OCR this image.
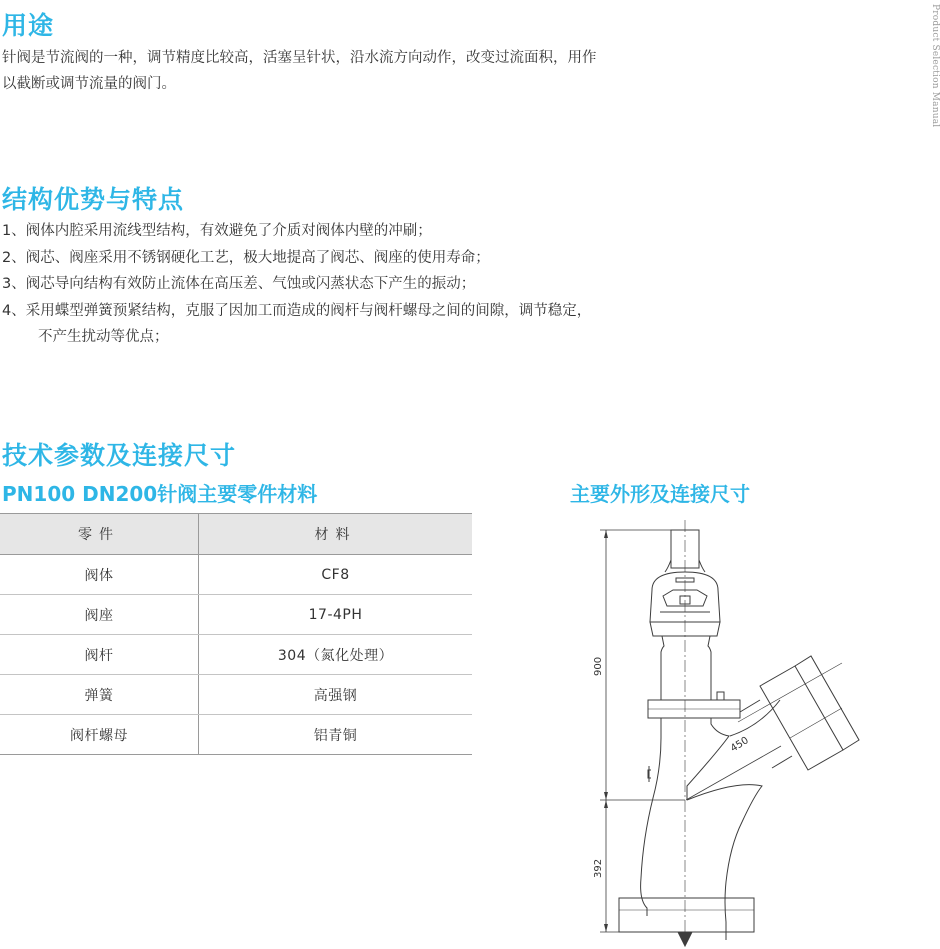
Product Selection Manual
用途

针阀是节流阀的一种，调节精度比较高，活塞呈针状，沿水流方向动作，改变过流面积，用作

以截断或调节流量的阀门。

结构优势与特点

1、阀体内腔采用流线型结构，有效避免了介质对阀体内壁的冲刷；

2、阀芯、阀座采用不锈钢硬化工艺，极大地提高了阀芯、阀座的使用寿命；

3、阀芯导向结构有效防止流体在高压差、气蚀或闪蒸状态下产生的振动；

4、采用蝶型弹簧预紧结构，克服了因加工而造成的阀杆与阀杆螺母之间的间隙，调节稳定，

不产生扰动等优点；

技术参数及连接尺寸
PN100 DN200针阀主要零件材料	主要外形及连接尺寸
零件	材料
阀体	CF8
阀座	17-4PH
阀杆	304（氮化处理）
弹簧	高强钢
阀杆螺母	铝青铜
900
392
450
